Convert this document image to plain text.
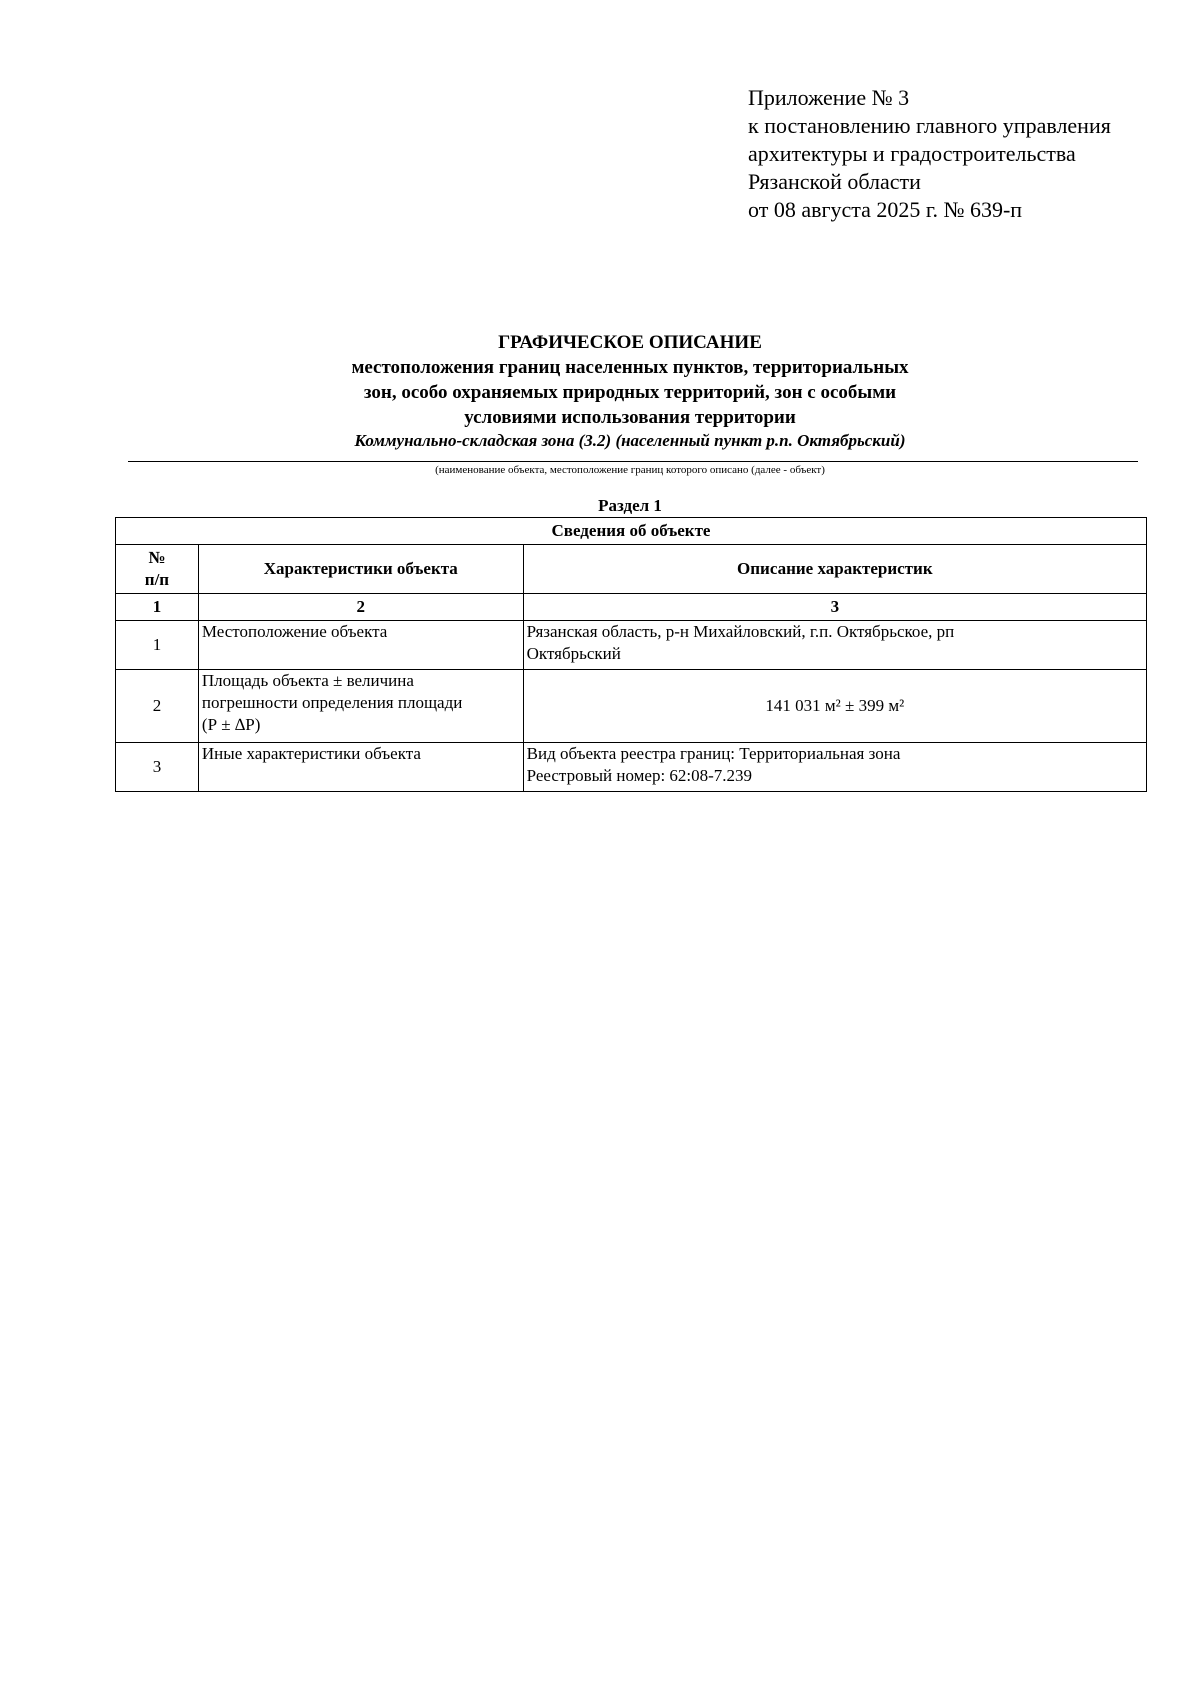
Приложение № 3
к постановлению главного управления
архитектуры и градостроительства
Рязанской области
от 08 августа 2025 г. № 639-п
ГРАФИЧЕСКОЕ ОПИСАНИЕ
местоположения границ населенных пунктов, территориальных
зон, особо охраняемых природных территорий, зон с особыми
условиями использования территории
Коммунально-складская зона (3.2) (населенный пункт р.п. Октябрьский)
(наименование объекта, местоположение границ которого описано (далее - объект)
Раздел 1
Сведения об объекте		

№
п/п	Характеристики объекта	Описание характеристик
1	2	3
1	Местоположение объекта	Рязанская область, р-н Михайловский, г.п. Октябрьское, рп
Октябрьский

2	Площадь объекта ± величина
погрешности определения площади
(Р ± ∆Р)	141 031 м² ± 399 м²
3	Иные характеристики объекта	Вид объекта реестра границ: Территориальная зона
Реестровый номер: 62:08-7.239
